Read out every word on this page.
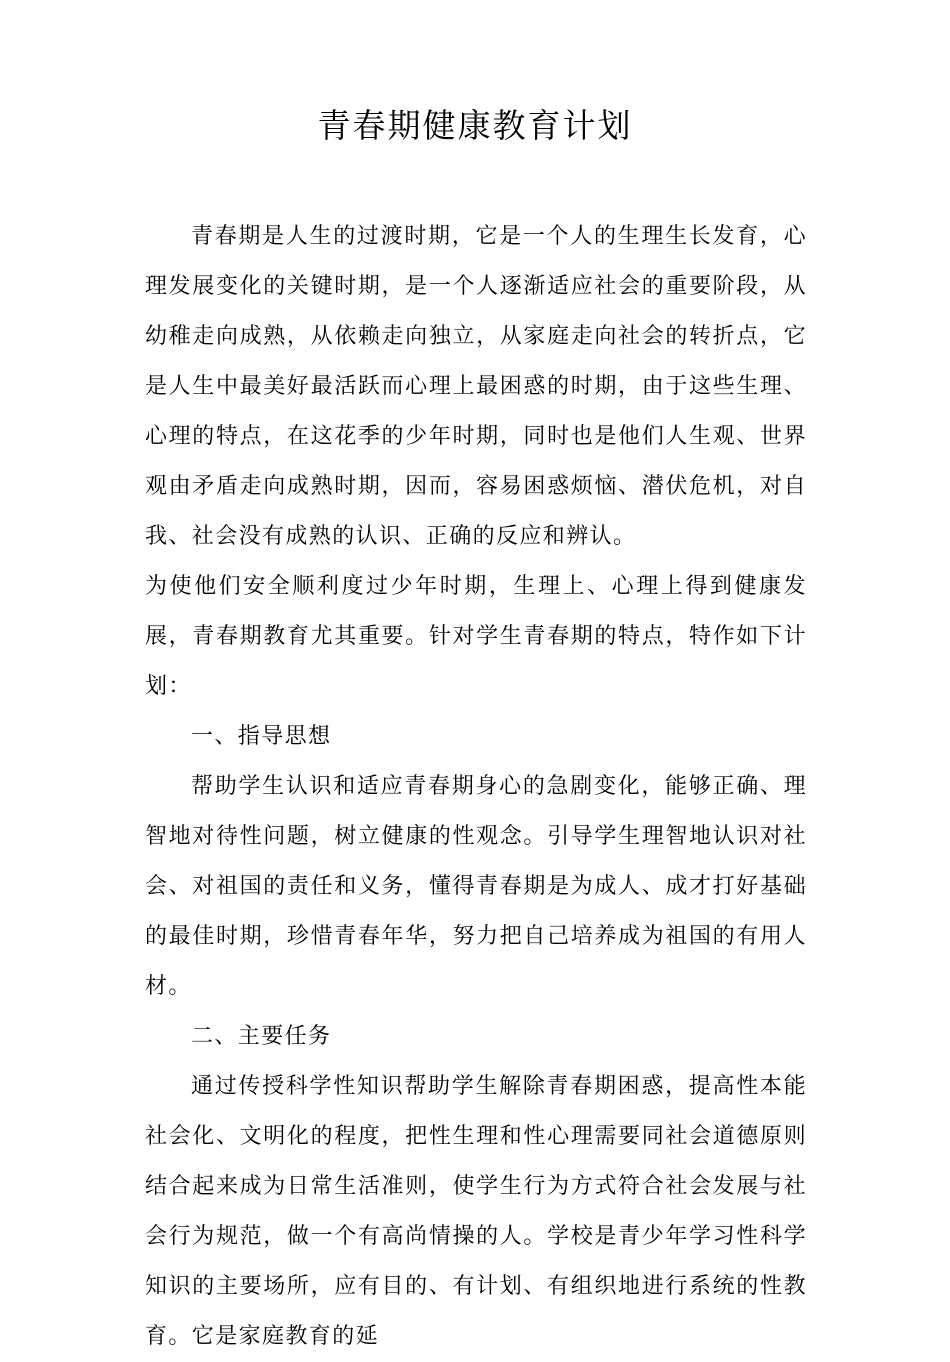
青春期健康教育计划

青春期是人生的过渡时期，它是一个人的生理生长发育，心理发展变化的关键时期，是一个人逐渐适应社会的重要阶段，从幼稚走向成熟，从依赖走向独立，从家庭走向社会的转折点，它是人生中最美好最活跃而心理上最困惑的时期，由于这些生理、心理的特点，在这花季的少年时期，同时也是他们人生观、世界观由矛盾走向成熟时期，因而，容易困惑烦恼、潜伏危机，对自我、社会没有成熟的认识、正确的反应和辨认。

为使他们安全顺利度过少年时期，生理上、心理上得到健康发展，青春期教育尤其重要。针对学生青春期的特点，特作如下计划：

一、指导思想

帮助学生认识和适应青春期身心的急剧变化，能够正确、理智地对待性问题，树立健康的性观念。引导学生理智地认识对社会、对祖国的责任和义务，懂得青春期是为成人、成才打好基础的最佳时期，珍惜青春年华，努力把自己培养成为祖国的有用人材。

二、主要任务

通过传授科学性知识帮助学生解除青春期困惑，提高性本能社会化、文明化的程度，把性生理和性心理需要同社会道德原则结合起来成为日常生活准则，使学生行为方式符合社会发展与社会行为规范，做一个有高尚情操的人。学校是青少年学习性科学知识的主要场所，应有目的、有计划、有组织地进行系统的性教育。它是家庭教育的延
